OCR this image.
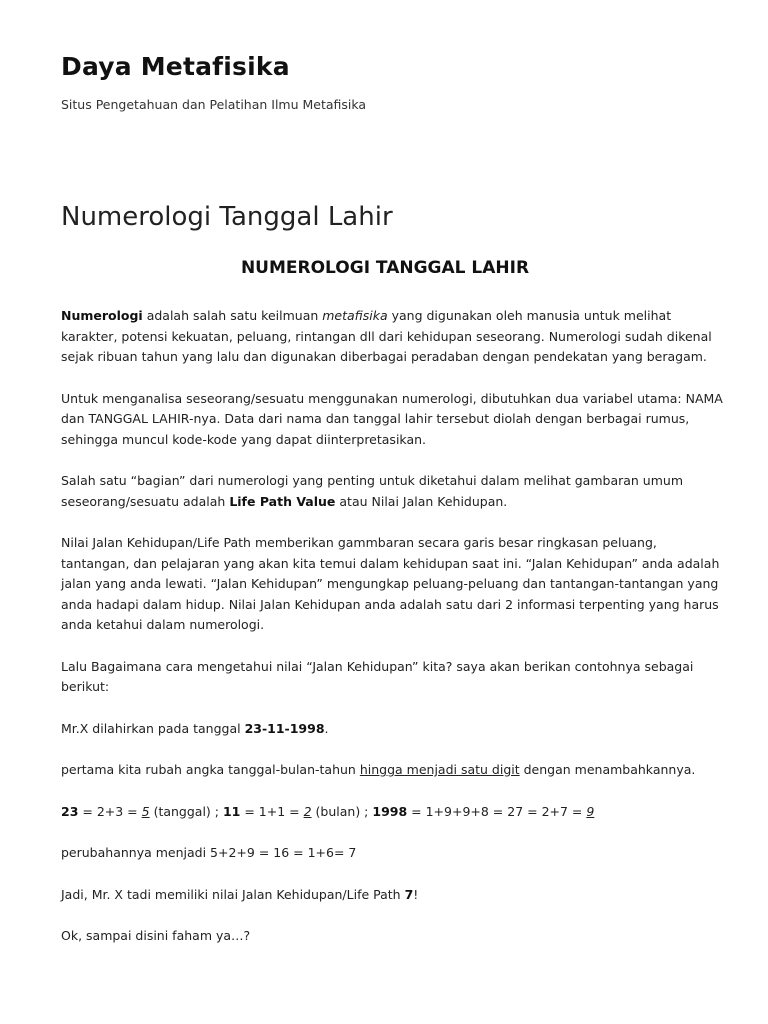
Daya Metafisika

Situs Pengetahuan dan Pelatihan Ilmu Metafisika

Numerologi Tanggal Lahir
NUMEROLOGI TANGGAL LAHIR

Numerologi adalah salah satu keilmuan metafisika yang digunakan oleh manusia untuk melihat karakter, potensi kekuatan, peluang, rintangan dll dari kehidupan seseorang. Numerologi sudah dikenal sejak ribuan tahun yang lalu dan digunakan diberbagai peradaban dengan pendekatan yang beragam.

Untuk menganalisa seseorang/sesuatu menggunakan numerologi, dibutuhkan dua variabel utama: NAMA dan TANGGAL LAHIR-nya. Data dari nama dan tanggal lahir tersebut diolah dengan berbagai rumus, sehingga muncul kode-kode yang dapat diinterpretasikan.

Salah satu “bagian” dari numerologi yang penting untuk diketahui dalam melihat gambaran umum seseorang/sesuatu adalah Life Path Value atau Nilai Jalan Kehidupan.

Nilai Jalan Kehidupan/Life Path memberikan gammbaran secara garis besar ringkasan peluang, tantangan, dan pelajaran yang akan kita temui dalam kehidupan saat ini. “Jalan Kehidupan” anda adalah jalan yang anda lewati. “Jalan Kehidupan” mengungkap peluang-peluang dan tantangan-tantangan yang anda hadapi dalam hidup. Nilai Jalan Kehidupan anda adalah satu dari 2 informasi terpenting yang harus anda ketahui dalam numerologi.

Lalu Bagaimana cara mengetahui nilai “Jalan Kehidupan” kita? saya akan berikan contohnya sebagai berikut:

Mr.X dilahirkan pada tanggal 23-11-1998.

pertama kita rubah angka tanggal-bulan-tahun hingga menjadi satu digit dengan menambahkannya.

23 = 2+3 = 5 (tanggal) ; 11 = 1+1 = 2 (bulan) ; 1998 = 1+9+9+8 = 27 = 2+7 = 9

perubahannya menjadi 5+2+9 = 16 = 1+6= 7

Jadi, Mr. X tadi memiliki nilai Jalan Kehidupan/Life Path 7!

Ok, sampai disini faham ya…?
